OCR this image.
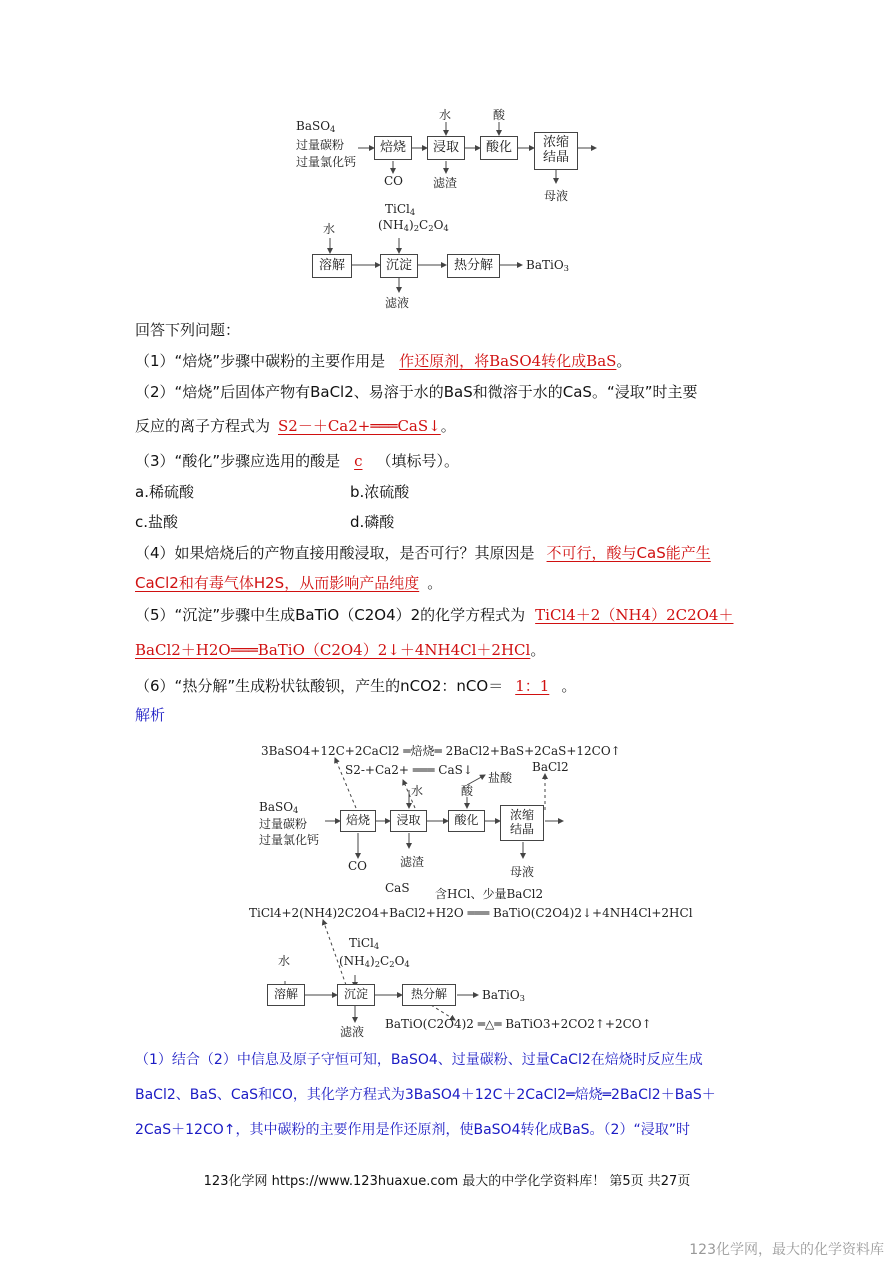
BaSO$_4$
过量碳粉
过量氯化钙
焙烧	浸取	酸化	浓缩结晶
水	酸
CO 滤渣
母液
水
TiCl$_4$
$(NH_4)_2C_2O_4$
溶解	沉淀	热分解	BaTiO$_3$
滤液
回答下列问题：
（1）“焙烧”步骤中碳粉的主要作用是 作还原剂，将BaSO4转化成BaS。
（2）“焙烧”后固体产物有BaCl2、易溶于水的BaS和微溶于水的CaS。“浸取”时主要
反应的离子方程式为 S2－＋Ca2+═══CaS↓。
（3）“酸化”步骤应选用的酸是 c （填标号）。
a.稀硫酸	b.浓硫酸
c.盐酸	d.磷酸
（4）如果焙烧后的产物直接用酸浸取，是否可行？其原因是 不可行，酸与CaS能产生
CaCl2和有毒气体H2S，从而影响产品纯度 。
（5）“沉淀”步骤中生成BaTiO（C2O4）2的化学方程式为 TiCl4＋2（NH4）2C2O4＋
BaCl2＋H2O═══BaTiO（C2O4）2↓＋4NH4Cl＋2HCl。
（6）“热分解”生成粉状钛酸钡，产生的nCO2：nCO＝ 1：1 。
解析
3BaSO4+12C+2CaCl2 ═焙烧═ 2BaCl2+BaS+2CaS+12CO↑
S2-+Ca2+ ═══ CaS↓
盐酸
BaCl2
水	酸
BaSO$_4$
过量碳粉
过量氯化钙
焙烧	浸取	酸化	浓缩结晶
CO	滤渣
CaS
母液
含HCl、少量BaCl2
TiCl4+2(NH4)2C2O4+BaCl2+H2O ═══ BaTiO(C2O4)2↓+4NH4Cl+2HCl
TiCl$_4$
$(NH_4)_2C_2O_4$
水
溶解	沉淀	热分解	BaTiO$_3$
滤液
BaTiO(C2O4)2 ═△═ BaTiO3+2CO2↑+2CO↑
（1）结合（2）中信息及原子守恒可知，BaSO4、过量碳粉、过量CaCl2在焙烧时反应生成
BaCl2、BaS、CaS和CO，其化学方程式为3BaSO4＋12C＋2CaCl2═焙烧═2BaCl2＋BaS＋
2CaS＋12CO↑，其中碳粉的主要作用是作还原剂，使BaSO4转化成BaS。（2）“浸取”时
123化学网 https://www.123huaxue.com 最大的中学化学资料库！ 第5页 共27页
123化学网，最大的化学资料库
